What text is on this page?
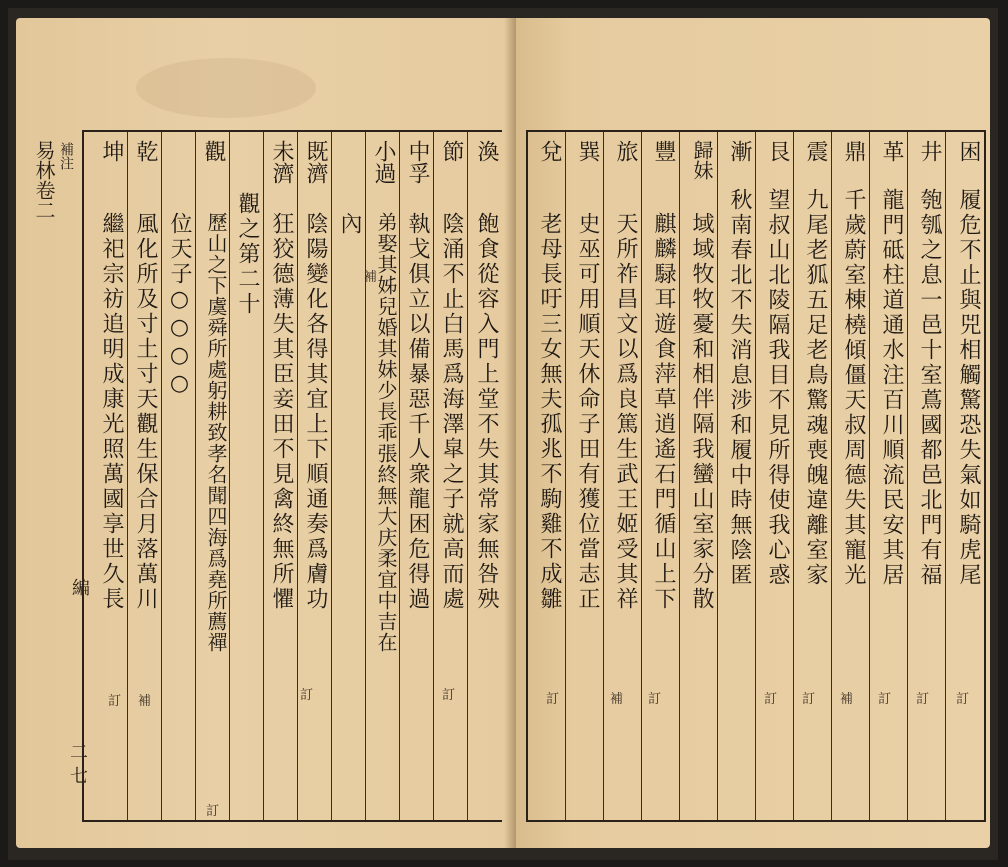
易林卷二 補注
二七
編
渙
飽食從容入門上堂不失其常家無咎殃
節
陰涌不止白馬爲海澤皐之子就高而處
中孚
執戈俱立以備暴惡千人衆龍困危得過
小過
弟娶其姊兒婚其妹少長乖張終無大庆柔宜中吉在
內
既濟
陰陽變化各得其宜上下順通奏爲膚功
未濟
狂狡德薄失其臣妾田不見禽終無所懼
觀之第二十
觀
歷山之下虞舜所處躬耕致孝名聞四海爲堯所薦禪
位天子○○○○
乾
風化所及寸土寸天觀生保合月落萬川
坤
繼祀宗祊追明成康光照萬國享世久長
補
訂	訂	訂
補
訂
困
履危不止與兕相觸驚恐失氣如騎虎尾
井
匏瓠之息一邑十室蔦國都邑北門有福
革
龍門砥柱道通水注百川順流民安其居
鼎
千歲蔚室棟橈傾僵天叔周德失其寵光
震
九尾老狐五足老鳥驚魂喪魄違離室家
艮
望叔山北陵隔我目不見所得使我心惑
漸
秋南春北不失消息涉和履中時無陰匿
歸妹
域域牧牧憂和相伴隔我蠻山室家分散
豐
麒麟騄耳遊食萍草逍遙石門循山上下
旅
天所祚昌文以爲良篤生武王姬受其祥
巽
史巫可用順天休命子田有獲位當志正
兌
老母長吁三女無夫孤兆不駒雞不成雛
訂
訂
訂
補
訂
訂
訂
補
訂
